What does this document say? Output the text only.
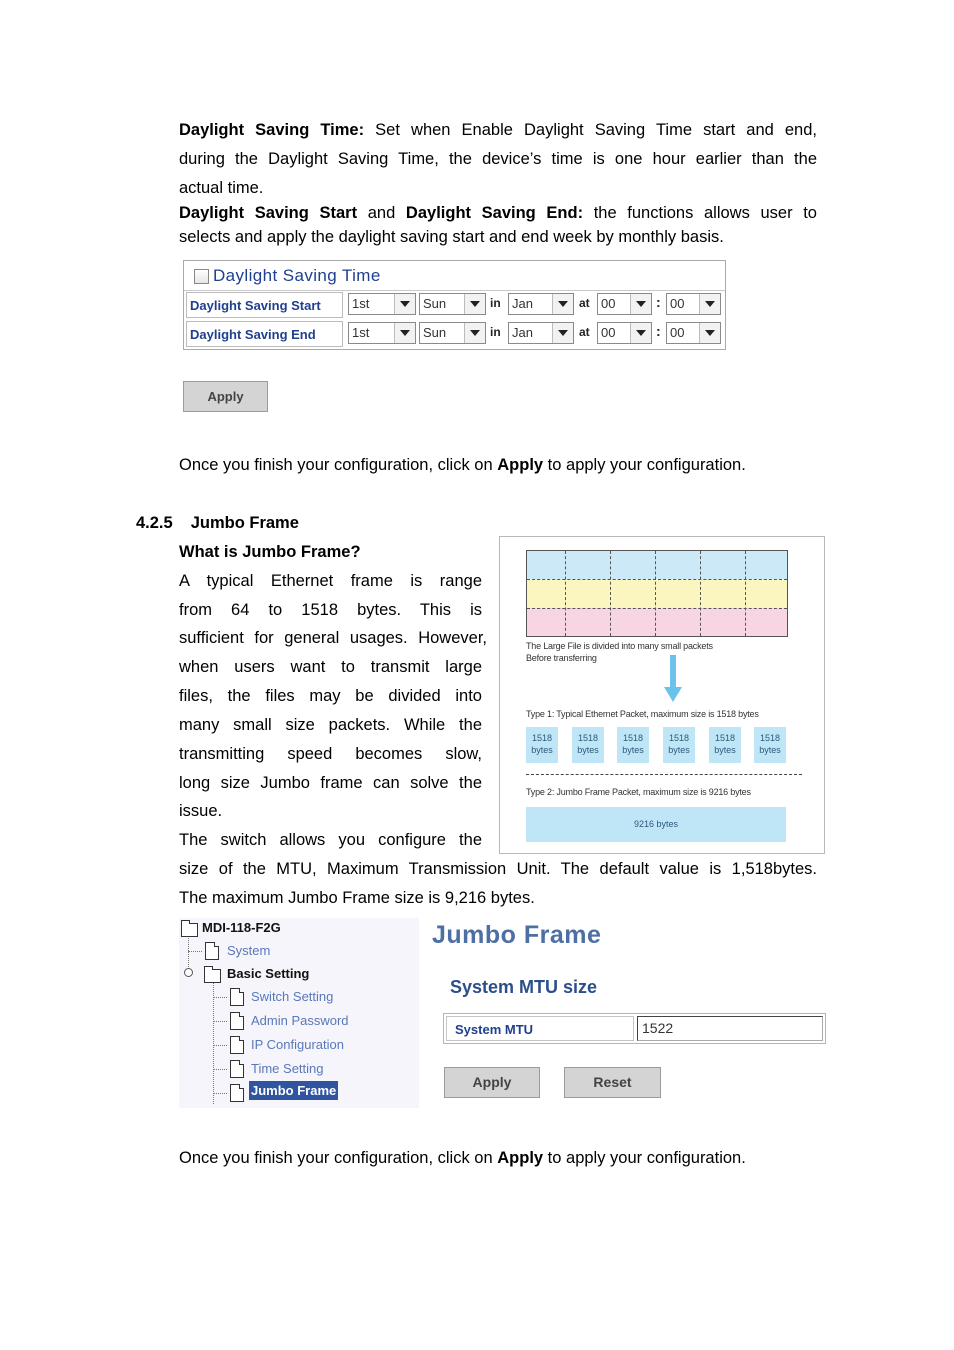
Daylight Saving Time: Set when Enable Daylight Saving Time start and end,

during the Daylight Saving Time, the device’s time is one hour earlier than the

actual time.

Daylight Saving Start and Daylight Saving End: the functions allows user to

selects and apply the daylight saving start and end week by monthly basis.

Daylight Saving Time
Daylight Saving Start	1st	Sun	in Jan	at 00	: 00
Daylight Saving End	1st	Sun	in Jan	at 00	: 00
Apply

Once you finish your configuration, click on Apply to apply your configuration.

4.2.5 Jumbo Frame

What is Jumbo Frame?

A typical Ethernet frame is range

from 64 to 1518 bytes. This is

sufficient for general usages. However,

when users want to transmit large

files, the files may be divided into

many small size packets. While the

transmitting speed becomes slow,

long size Jumbo frame can solve the

issue.

The switch allows you configure the

size of the MTU, Maximum Transmission Unit. The default value is 1,518bytes.

The maximum Jumbo Frame size is 9,216 bytes.

The Large File is divided into many small packets
Before transferring
Type 1: Typical Ethernet Packet, maximum size is 1518 bytes
1518
bytes
1518
bytes
1518
bytes
1518
bytes
1518
bytes
1518
bytes
Type 2: Jumbo Frame Packet, maximum size is 9216 bytes
9216 bytes
MDI-118-F2G
System
Basic Setting
Switch Setting
Admin Password
IP Configuration
Time Setting
Jumbo Frame
Jumbo Frame
System MTU size
System MTU	1522
Apply	Reset

Once you finish your configuration, click on Apply to apply your configuration.
